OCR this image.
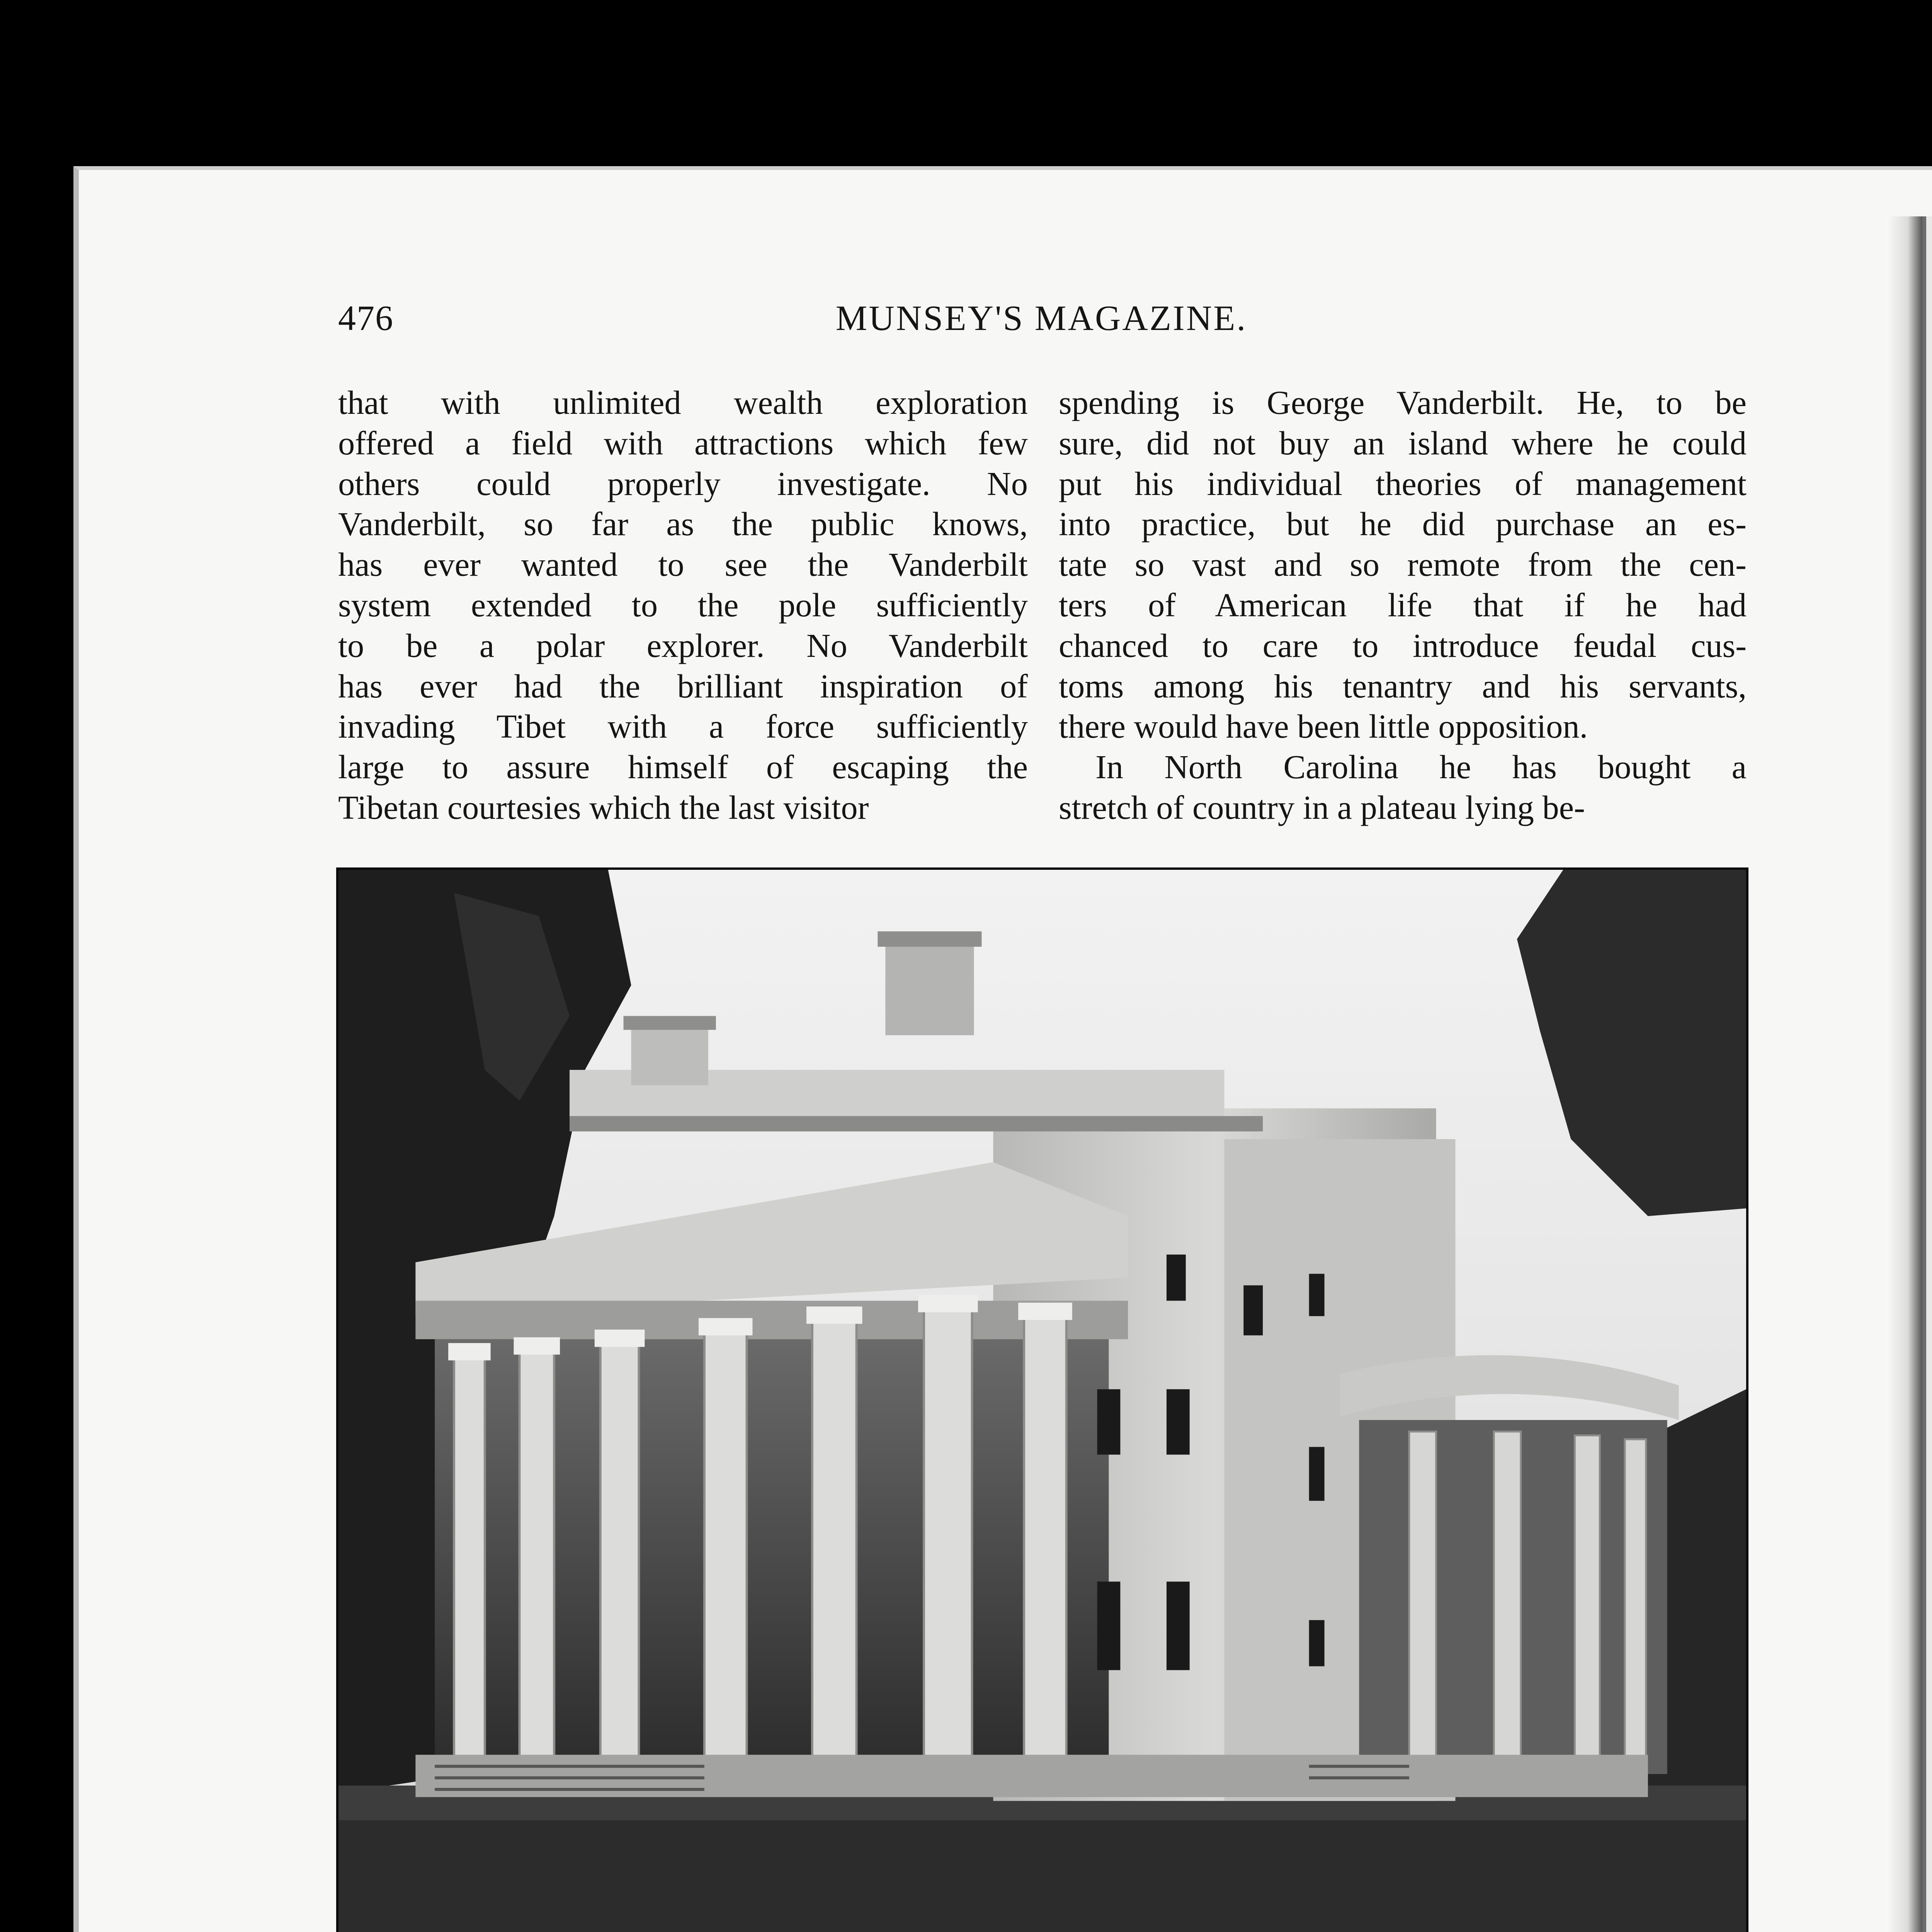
476	MUNSEY'S MAGAZINE.
that with unlimited wealth exploration
offered a field with attractions which few
others could properly investigate. No
Vanderbilt, so far as the public knows,
has ever wanted to see the Vanderbilt
system extended to the pole sufficiently
to be a polar explorer. No Vanderbilt
has ever had the brilliant inspiration of
invading Tibet with a force sufficiently
large to assure himself of escaping the
Tibetan courtesies which the last visitor
spending is George Vanderbilt. He, to be
sure, did not buy an island where he could
put his individual theories of management
into practice, but he did purchase an es-
tate so vast and so remote from the cen-
ters of American life that if he had
chanced to care to introduce feudal cus-
toms among his tenantry and his servants,
there would have been little opposition.
In North Carolina he has bought a
stretch of country in a plateau lying be-
